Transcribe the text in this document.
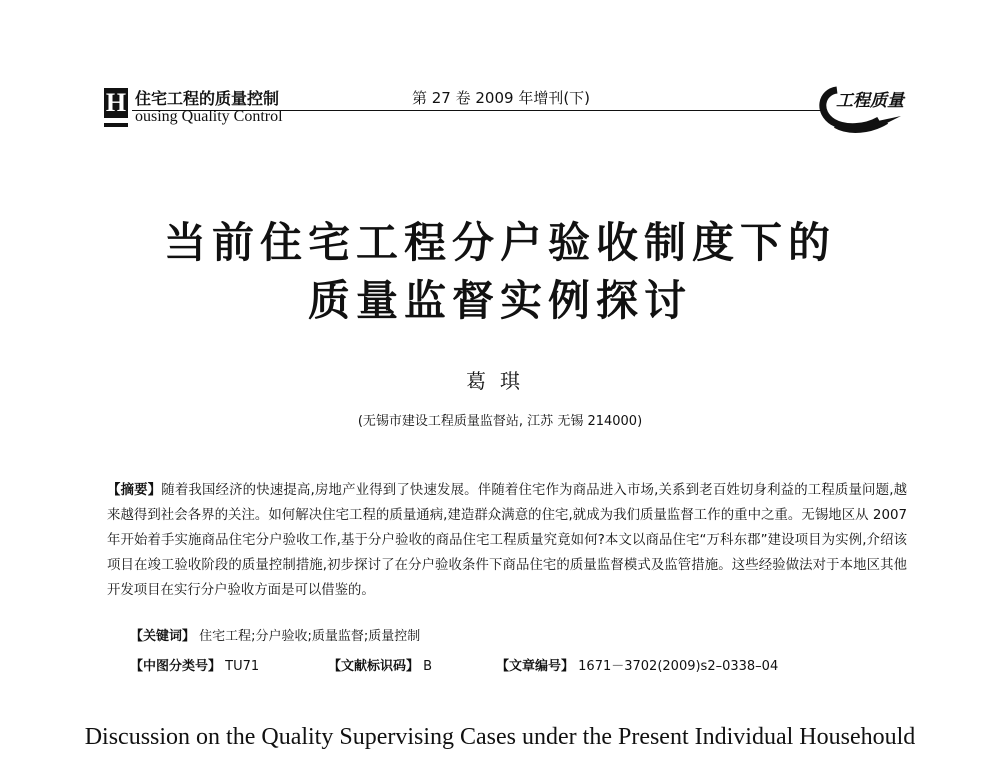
H 住宅工程的质量控制
ousing Quality Control
第 27 卷 2009 年增刊(下)	工程质量
当前住宅工程分户验收制度下的
质量监督实例探讨
葛琪
(无锡市建设工程质量监督站, 江苏 无锡 214000)
【摘要】随着我国经济的快速提高,房地产业得到了快速发展。伴随着住宅作为商品进入市场,关系到老百姓切身利益的工程质量问题,越来越得到社会各界的关注。如何解决住宅工程的质量通病,建造群众满意的住宅,就成为我们质量监督工作的重中之重。无锡地区从 2007 年开始着手实施商品住宅分户验收工作,基于分户验收的商品住宅工程质量究竟如何?本文以商品住宅“万科东郡”建设项目为实例,介绍该项目在竣工验收阶段的质量控制措施,初步探讨了在分户验收条件下商品住宅的质量监督模式及监管措施。这些经验做法对于本地区其他开发项目在实行分户验收方面是可以借鉴的。
【关键词】 住宅工程;分户验收;质量监督;质量控制
【中图分类号】 TU71	【文献标识码】 B	【文章编号】 1671－3702(2009)s2–0338–04
Discussion on the Quality Supervising Cases under the Present Individual Househould
